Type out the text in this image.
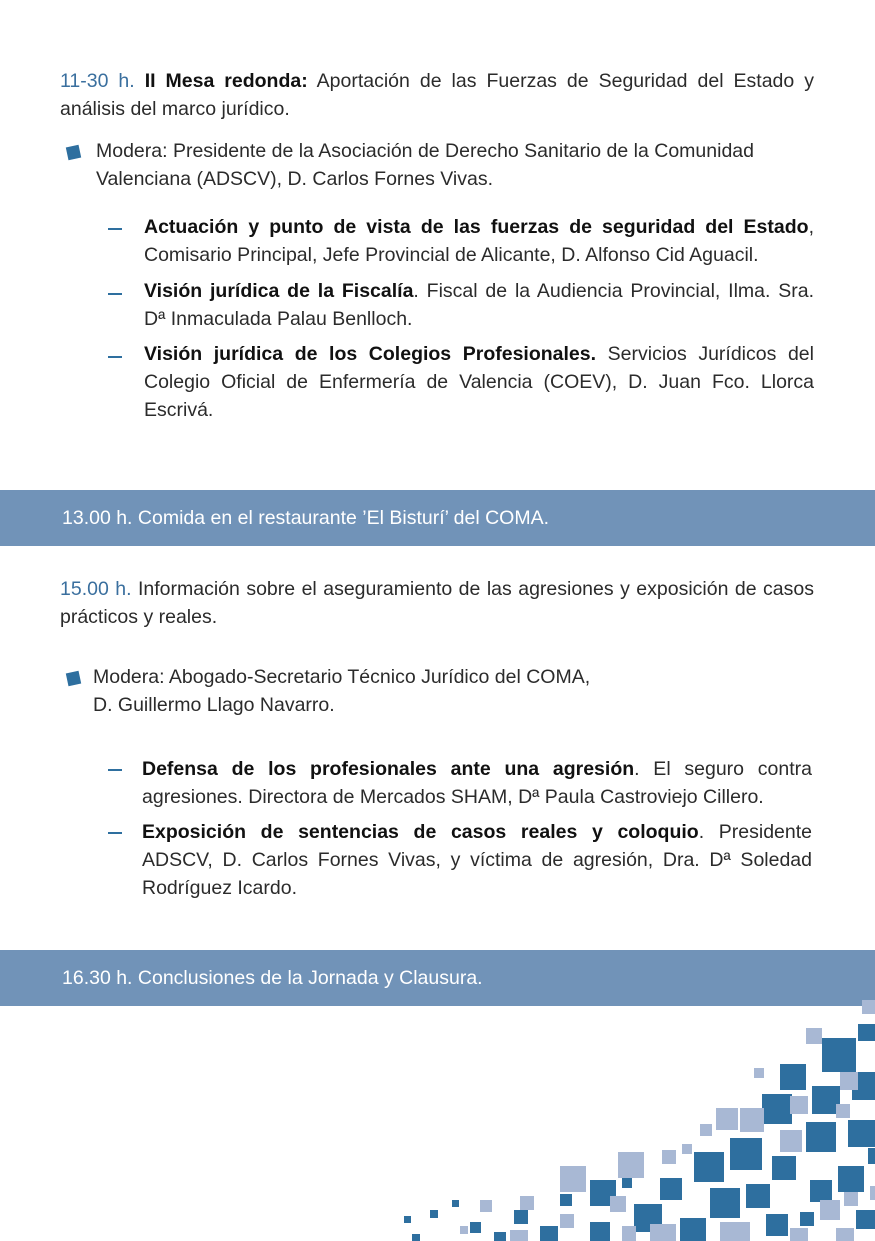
11-30 h. II Mesa redonda: Aportación de las Fuerzas de Seguridad del Estado y análisis del marco jurídico.
Modera: Presidente de la Asociación de Derecho Sanitario de la Comunidad Valenciana (ADSCV), D. Carlos Fornes Vivas.
Actuación y punto de vista de las fuerzas de seguridad del Estado, Comisario Principal, Jefe Provincial de Alicante, D. Alfonso Cid Aguacil.
Visión jurídica de la Fiscalía. Fiscal de la Audiencia Provincial, Ilma. Sra. Dª Inmaculada Palau Benlloch.
Visión jurídica de los Colegios Profesionales. Servicios Jurídicos del Colegio Oficial de Enfermería de Valencia (COEV), D. Juan Fco. Llorca Escrivá.
13.00 h. Comida en el restaurante ’El Bisturí’ del COMA.
15.00 h. Información sobre el aseguramiento de las agresiones y exposición de casos prácticos y reales.
Modera: Abogado-Secretario Técnico Jurídico del COMA,
D. Guillermo Llago Navarro.
Defensa de los profesionales ante una agresión. El seguro contra agresiones. Directora de Mercados SHAM, Dª Paula Castroviejo Cillero.
Exposición de sentencias de casos reales y coloquio. Presidente ADSCV, D. Carlos Fornes Vivas, y víctima de agresión, Dra. Dª Soledad Rodríguez Icardo.
16.30 h. Conclusiones de la Jornada y Clausura.
